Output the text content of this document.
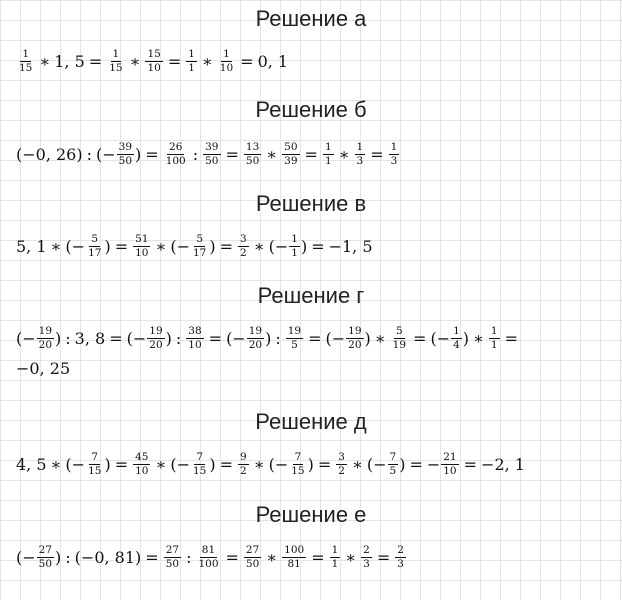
Решение а
Решение б
Решение в
Решение г
Решение д
Решение е
$\frac{1}{15}$ ∗ 1, $5 = \frac{1}{15}$ ∗ $\frac{15}{10} = \frac{1}{1}$ ∗ $\frac{1}{10} = 0$, 1
(−0, 26) : (− $\frac{39}{50}$ ) = $\frac{26}{100}$ : $\frac{39}{50} = \frac{13}{50}$ ∗ $\frac{50}{39} = \frac{1}{1}$ ∗ $\frac{1}{3} = \frac{1}{3}$
5, 1 ∗ (− $\frac{5}{17}$ ) = $\frac{51}{10}$ ∗ (− $\frac{5}{17}$ ) = $\frac{3}{2}$ ∗ (− $\frac{1}{1}$ ) = −1, 5
(− $\frac{19}{20}$ ) : 3, 8 = (− $\frac{19}{20}$ ) : $\frac{38}{10}$ = (− $\frac{19}{20}$ ) : $\frac{19}{5}$ = (− $\frac{19}{20}$ ) ∗ $\frac{5}{19}$ = (− $\frac{1}{4}$ ) ∗ $\frac{1}{1}$ =
−0, 25
4, 5 ∗ (− $\frac{7}{15}$ ) = $\frac{45}{10}$ ∗ (− $\frac{7}{15}$ ) = $\frac{9}{2}$ ∗ (− $\frac{7}{15}$ ) = $\frac{3}{2}$ ∗ (− $\frac{7}{5}$ ) = − $\frac{21}{10} = -2$, 1
(− $\frac{27}{50}$ ) : (−0, $81) = \frac{27}{50}$ : $\frac{81}{100} = \frac{27}{50}$ ∗ $\frac{100}{81} = \frac{1}{1}$ ∗ $\frac{2}{3} = \frac{2}{3}$
